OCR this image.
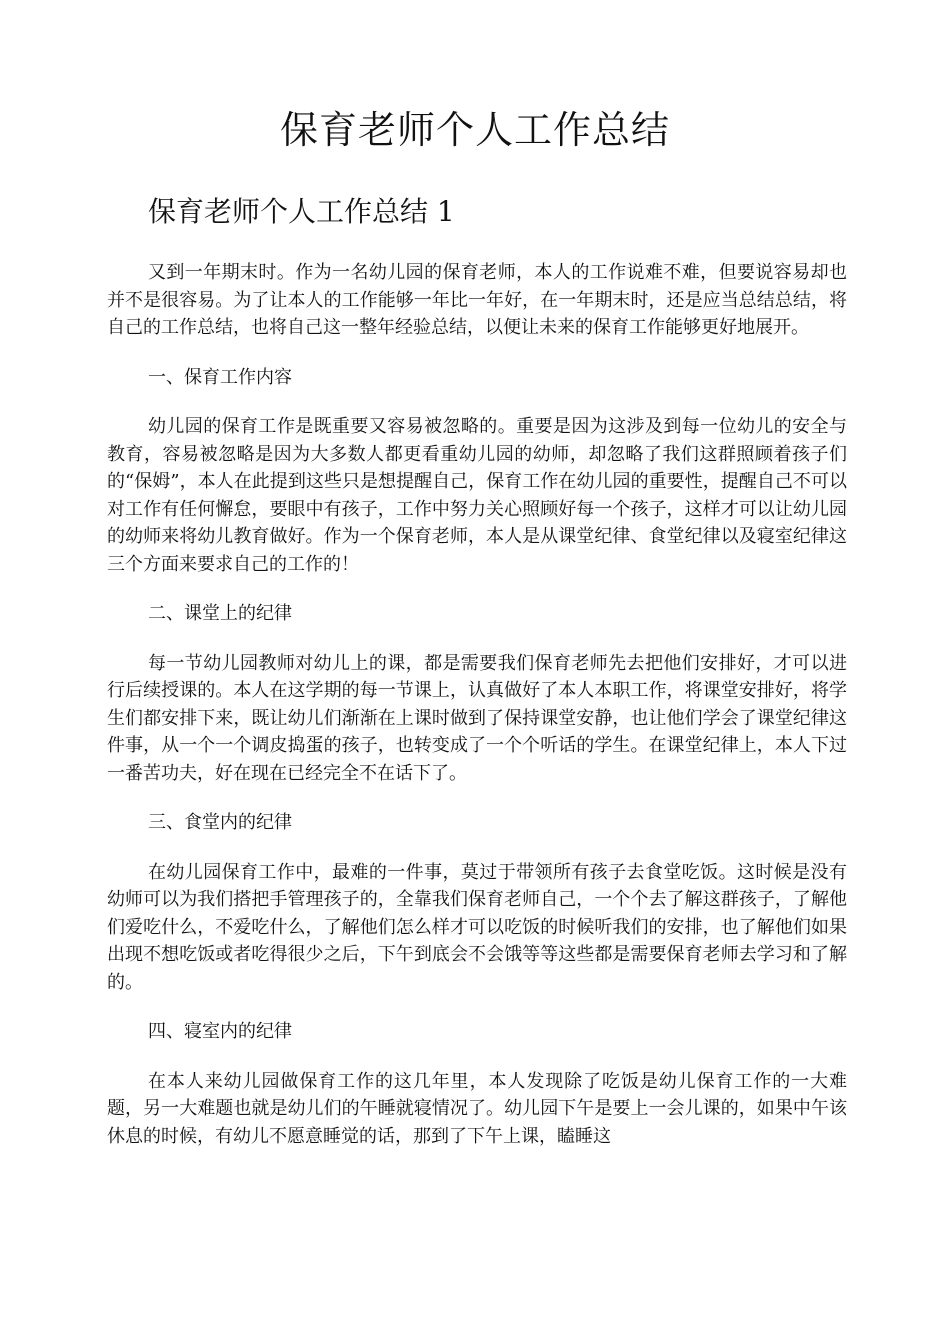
保育老师个人工作总结
保育老师个人工作总结 1

又到一年期末时。作为一名幼儿园的保育老师，本人的工作说难不难，但要说容易却也并不是很容易。为了让本人的工作能够一年比一年好，在一年期末时，还是应当总结总结，将自己的工作总结，也将自己这一整年经验总结，以便让未来的保育工作能够更好地展开。

一、保育工作内容

幼儿园的保育工作是既重要又容易被忽略的。重要是因为这涉及到每一位幼儿的安全与教育，容易被忽略是因为大多数人都更看重幼儿园的幼师，却忽略了我们这群照顾着孩子们的“保姆”，本人在此提到这些只是想提醒自己，保育工作在幼儿园的重要性，提醒自己不可以对工作有任何懈怠，要眼中有孩子，工作中努力关心照顾好每一个孩子，这样才可以让幼儿园的幼师来将幼儿教育做好。作为一个保育老师，本人是从课堂纪律、食堂纪律以及寝室纪律这三个方面来要求自己的工作的！

二、课堂上的纪律

每一节幼儿园教师对幼儿上的课，都是需要我们保育老师先去把他们安排好，才可以进行后续授课的。本人在这学期的每一节课上，认真做好了本人本职工作，将课堂安排好，将学生们都安排下来，既让幼儿们渐渐在上课时做到了保持课堂安静，也让他们学会了课堂纪律这件事，从一个一个调皮捣蛋的孩子，也转变成了一个个听话的学生。在课堂纪律上，本人下过一番苦功夫，好在现在已经完全不在话下了。

三、食堂内的纪律

在幼儿园保育工作中，最难的一件事，莫过于带领所有孩子去食堂吃饭。这时候是没有幼师可以为我们搭把手管理孩子的，全靠我们保育老师自己，一个个去了解这群孩子，了解他们爱吃什么，不爱吃什么，了解他们怎么样才可以吃饭的时候听我们的安排，也了解他们如果出现不想吃饭或者吃得很少之后，下午到底会不会饿等等这些都是需要保育老师去学习和了解的。

四、寝室内的纪律

在本人来幼儿园做保育工作的这几年里，本人发现除了吃饭是幼儿保育工作的一大难题，另一大难题也就是幼儿们的午睡就寝情况了。幼儿园下午是要上一会儿课的，如果中午该休息的时候，有幼儿不愿意睡觉的话，那到了下午上课，瞌睡这
